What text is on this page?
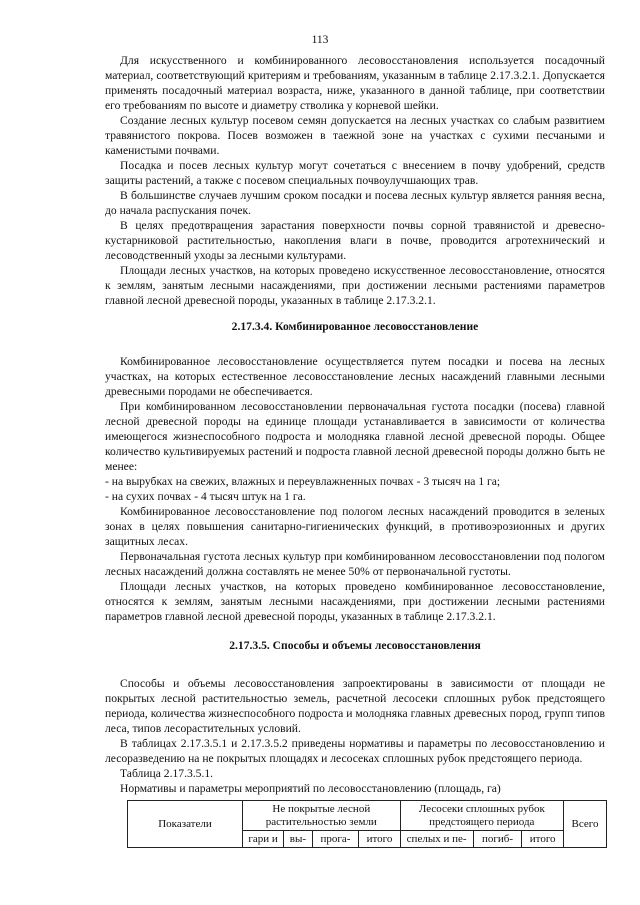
113

Для искусственного и комбинированного лесовосстановления используется посадочный материал, соответствующий критериям и требованиям, указанным в таблице 2.17.3.2.1. Допускается применять посадочный материал возраста, ниже, указанного в данной таблице, при соответствии его требованиям по высоте и диаметру стволика у корневой шейки.

Создание лесных культур посевом семян допускается на лесных участках со слабым развитием травянистого покрова. Посев возможен в таежной зоне на участках с сухими песчаными и каменистыми почвами.

Посадка и посев лесных культур могут сочетаться с внесением в почву удобрений, средств защиты растений, а также с посевом специальных почвоулучшающих трав.

В большинстве случаев лучшим сроком посадки и посева лесных культур является ранняя весна, до начала распускания почек.

В целях предотвращения зарастания поверхности почвы сорной травянистой и древесно-кустарниковой растительностью, накопления влаги в почве, проводится агротехнический и лесоводственный уходы за лесными культурами.

Площади лесных участков, на которых проведено искусственное лесовосстановление, относятся к землям, занятым лесными насаждениями, при достижении лесными растениями параметров главной лесной древесной породы, указанных в таблице 2.17.3.2.1.

2.17.3.4. Комбинированное лесовосстановление

Комбинированное лесовосстановление осуществляется путем посадки и посева на лесных участках, на которых естественное лесовосстановление лесных насаждений главными лесными древесными породами не обеспечивается.

При комбинированном лесовосстановлении первоначальная густота посадки (посева) главной лесной древесной породы на единице площади устанавливается в зависимости от количества имеющегося жизнеспособного подроста и молодняка главной лесной древесной породы. Общее количество культивируемых растений и подроста главной лесной древесной породы должно быть не менее:

- на вырубках на свежих, влажных и переувлажненных почвах - 3 тысяч на 1 га;

- на сухих почвах - 4 тысяч штук на 1 га.

Комбинированное лесовосстановление под пологом лесных насаждений проводится в зеленых зонах в целях повышения санитарно-гигиенических функций, в противоэрозионных и других защитных лесах.

Первоначальная густота лесных культур при комбинированном лесовосстановлении под пологом лесных насаждений должна составлять не менее 50% от первоначальной густоты.

Площади лесных участков, на которых проведено комбинированное лесовосстановление, относятся к землям, занятым лесными насаждениями, при достижении лесными растениями параметров главной лесной древесной породы, указанных в таблице 2.17.3.2.1.

2.17.3.5. Способы и объемы лесовосстановления

Способы и объемы лесовосстановления запроектированы в зависимости от площади не покрытых лесной растительностью земель, расчетной лесосеки сплошных рубок предстоящего периода, количества жизнеспособного подроста и молодняка главных древесных пород, групп типов леса, типов лесорастительных условий.

В таблицах 2.17.3.5.1 и 2.17.3.5.2 приведены нормативы и параметры по лесовосстановлению и лесоразведению на не покрытых площадях и лесосеках сплошных рубок предстоящего периода.

Таблица 2.17.3.5.1.

Нормативы и параметры мероприятий по лесовосстановлению (площадь, га)

Показатели	Не покрытые лесной растительностью земли				Лесосеки сплошных рубок предстоящего периода			Всего
	гари и	вы-	прога-	итого	спелых и пе-	погиб-	итого	
